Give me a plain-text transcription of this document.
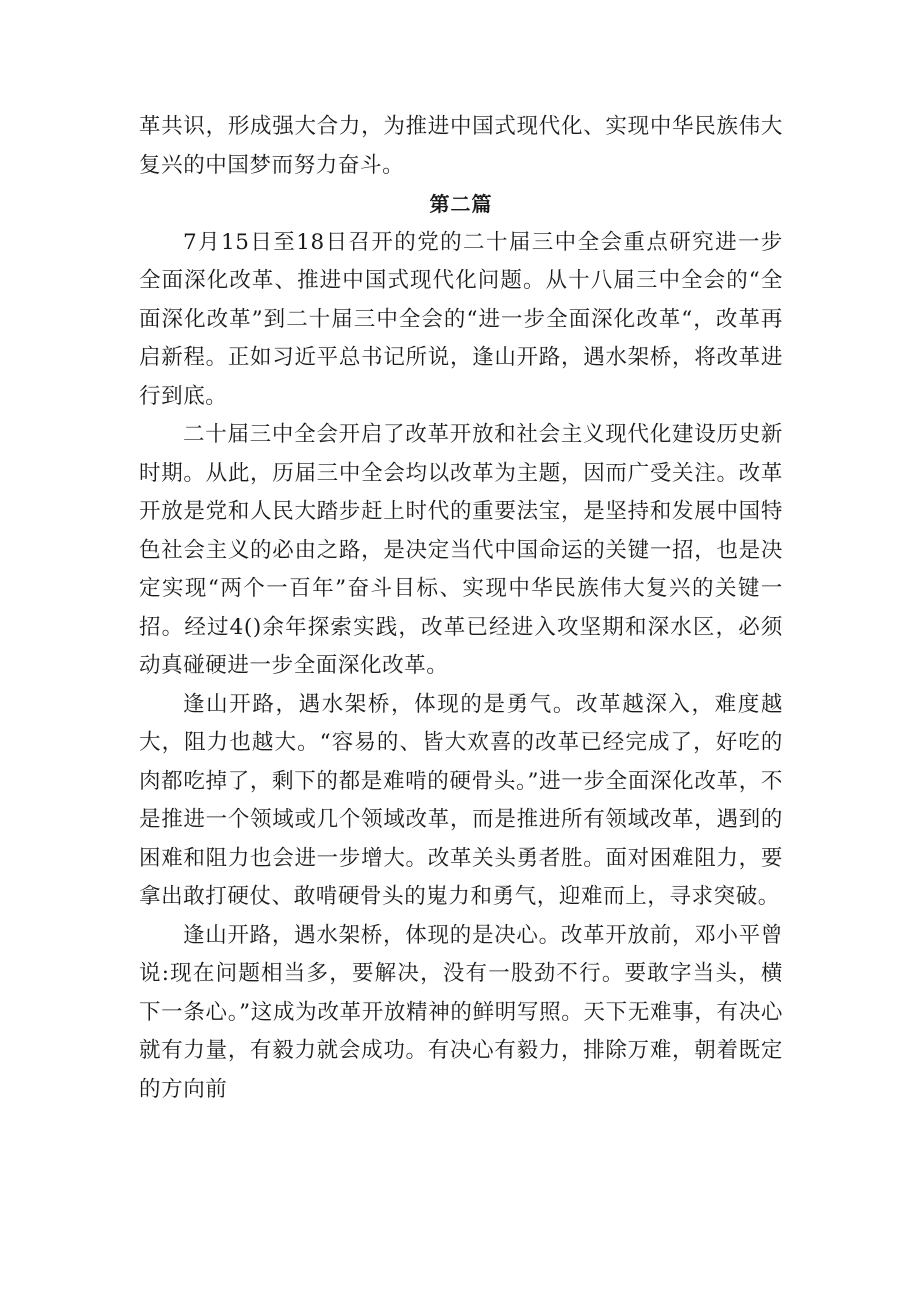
革共识，形成强大合力，为推进中国式现代化、实现中华民族伟大复兴的中国梦而努力奋斗。

第二篇

7月15日至18日召开的党的二十届三中全会重点研究进一步全面深化改革、推进中国式现代化问题。从十八届三中全会的“全面深化改革”到二十届三中全会的“进一步全面深化改革“，改革再启新程。正如习近平总书记所说，逢山开路，遇水架桥，将改革进行到底。

二十届三中全会开启了改革开放和社会主义现代化建设历史新时期。从此，历届三中全会均以改革为主题，因而广受关注。改革开放是党和人民大踏步赶上时代的重要法宝，是坚持和发展中国特色社会主义的必由之路，是决定当代中国命运的关键一招，也是决定实现“两个一百年”奋斗目标、实现中华民族伟大复兴的关键一招。经过4()余年探索实践，改革已经进入攻坚期和深水区，必须动真碰硬进一步全面深化改革。

逢山开路，遇水架桥，体现的是勇气。改革越深入，难度越大，阻力也越大。“容易的、皆大欢喜的改革已经完成了，好吃的肉都吃掉了，剩下的都是难啃的硬骨头。”进一步全面深化改革，不是推进一个领域或几个领域改革，而是推进所有领域改革，遇到的困难和阻力也会进一步增大。改革关头勇者胜。面对困难阻力，要拿出敢打硬仗、敢啃硬骨头的嵬力和勇气，迎难而上，寻求突破。

逢山开路，遇水架桥，体现的是决心。改革开放前，邓小平曾说:现在问题相当多，要解决，没有一股劲不行。要敢字当头，横下一条心。”这成为改革开放精神的鲜明写照。天下无难事，有决心就有力量，有毅力就会成功。有决心有毅力，排除万难，朝着既定的方向前
